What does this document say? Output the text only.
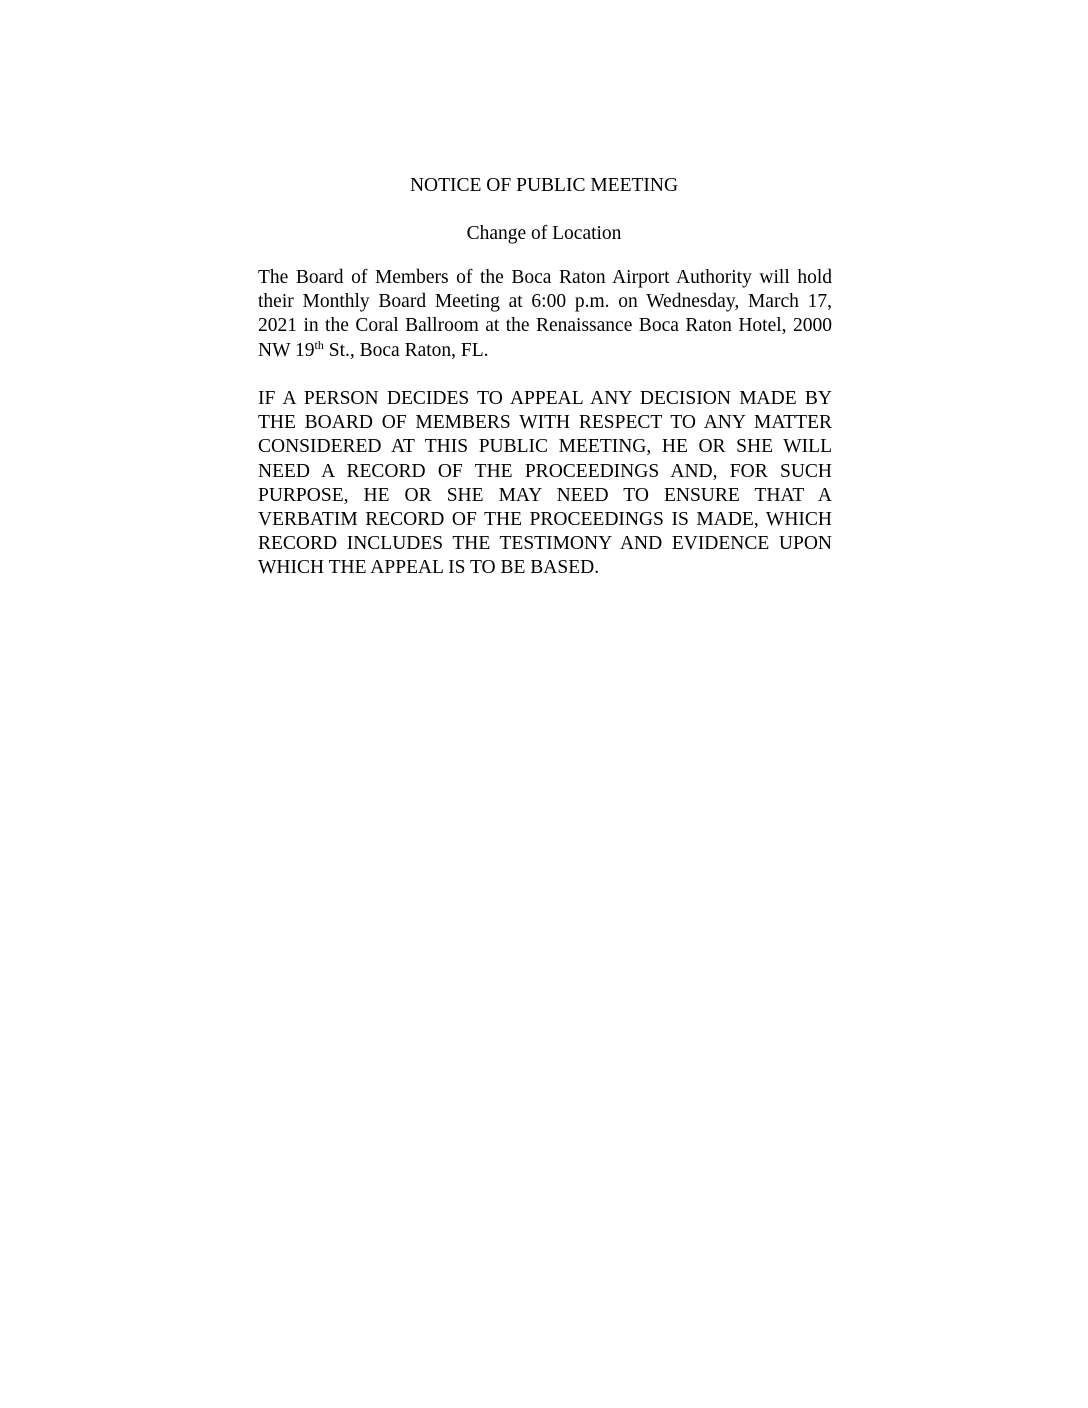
NOTICE OF PUBLIC MEETING
Change of Location

The Board of Members of the Boca Raton Airport Authority will hold their Monthly Board Meeting at 6:00 p.m. on Wednesday, March 17, 2021 in the Coral Ballroom at the Renaissance Boca Raton Hotel, 2000 NW 19th St., Boca Raton, FL.

IF A PERSON DECIDES TO APPEAL ANY DECISION MADE BY THE BOARD OF MEMBERS WITH RESPECT TO ANY MATTER CONSIDERED AT THIS PUBLIC MEETING, HE OR SHE WILL NEED A RECORD OF THE PROCEEDINGS AND, FOR SUCH PURPOSE, HE OR SHE MAY NEED TO ENSURE THAT A VERBATIM RECORD OF THE PROCEEDINGS IS MADE, WHICH RECORD INCLUDES THE TESTIMONY AND EVIDENCE UPON WHICH THE APPEAL IS TO BE BASED.
